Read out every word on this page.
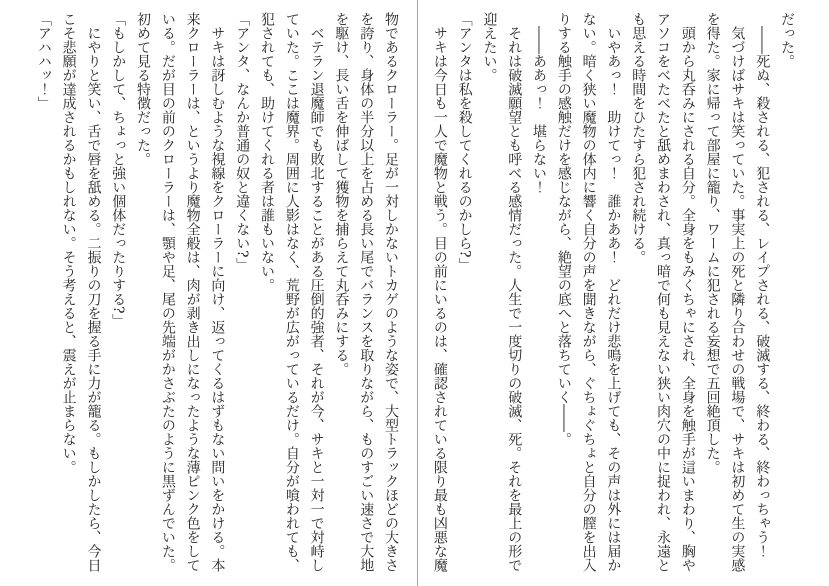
だった。
　――死ぬ、殺される、犯される、レイプされる、破滅する、終わる、終わっちゃう！
　気づけばサキは笑っていた。事実上の死と隣り合わせの戦場で、サキは初めて生の実感
を得た。家に帰って部屋に籠り、ワームに犯される妄想で五回絶頂した。
　頭から丸呑みにされる自分。全身をもみくちゃにされ、全身を触手が這いまわり、胸や
アソコをべたべたと舐めまわされ、真っ暗で何も見えない狭い肉穴の中に捉われ、永遠と
も思える時間をひたすら犯され続ける。
　いやあっ！　助けてっ！　誰かああ！　どれだけ悲鳴を上げても、その声は外には届か
ない。暗く狭い魔物の体内に響く自分の声を聞きながら、ぐちょぐちょと自分の膣を出入
りする触手の感触だけを感じながら、絶望の底へと落ちていく――。
　――ああっ！　堪らない！
　それは破滅願望とも呼べる感情だった。人生で一度切りの破滅、死。それを最上の形で
迎えたい。
「アンタは私を殺してくれるのかしら?」
　サキは今日も一人で魔物と戦う。目の前にいるのは、確認されている限り最も凶悪な魔
物であるクローラー。足が一対しかないトカゲのような姿で、大型トラックほどの大きさ
を誇り、身体の半分以上を占める長い尾でバランスを取りながら、ものすごい速さで大地
を駆け、長い舌を伸ばして獲物を捕らえて丸呑みにする。
　ベテラン退魔師でも敗北することがある圧倒的強者、それが今、サキと一対一で対峙し
ていた。ここは魔界。周囲に人影はなく、荒野が広がっているだけ。自分が喰われても、
犯されても、助けてくれる者は誰もいない。
「アンタ、なんか普通の奴と違くない?」
　サキは訝しむような視線をクローラーに向け、返ってくるはずもない問いをかける。本
来クローラーは、というより魔物全般は、肉が剥き出しになったような薄ピンク色をして
いる。だが目の前のクローラーは、顎や足、尾の先端がかさぶたのように黒ずんでいた。
初めて見る特徴だった。
「もしかして、ちょっと強い個体だったりする?」
　にやりと笑い、舌で唇を舐める。二振りの刀を握る手に力が籠る。もしかしたら、今日
こそ悲願が達成されるかもしれない。そう考えると、震えが止まらない。
「アハハッ！」
